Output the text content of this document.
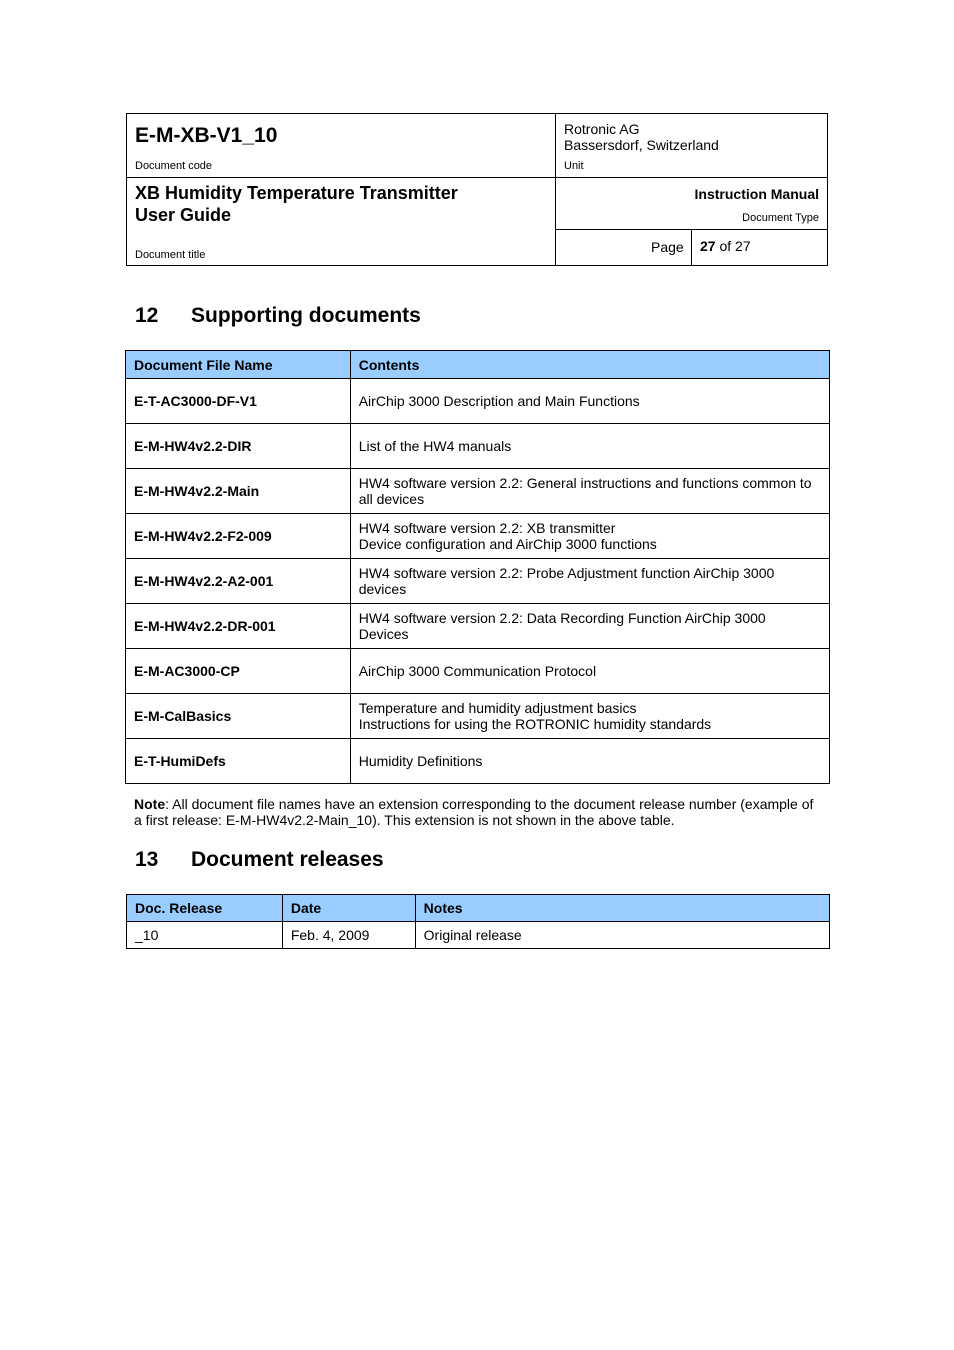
E-M-XB-V1_10
Document code
Rotronic AG
Bassersdorf, Switzerland
Unit
XB Humidity Temperature Transmitter
User Guide
Document title
Instruction Manual
Document Type
Page 27 of 27
12 Supporting documents
Document File Name	Contents
E-T-AC3000-DF-V1	AirChip 3000 Description and Main Functions

E-M-HW4v2.2-DIR	List of the HW4 manuals

E-M-HW4v2.2-Main	HW4 software version 2.2: General instructions and functions common to
all devices

E-M-HW4v2.2-F2-009	HW4 software version 2.2: XB transmitter
Device configuration and AirChip 3000 functions

E-M-HW4v2.2-A2-001	HW4 software version 2.2: Probe Adjustment function AirChip 3000
devices

E-M-HW4v2.2-DR-001	HW4 software version 2.2: Data Recording Function AirChip 3000
Devices

E-M-AC3000-CP	AirChip 3000 Communication Protocol

E-M-CalBasics	Temperature and humidity adjustment basics
Instructions for using the ROTRONIC humidity standards

E-T-HumiDefs	Humidity Definitions
Note: All document file names have an extension corresponding to the document release number (example of a first release: E-M-HW4v2.2-Main_10). This extension is not shown in the above table.
13 Document releases
Doc. Release	Date	Notes
_10	Feb. 4, 2009	Original release
